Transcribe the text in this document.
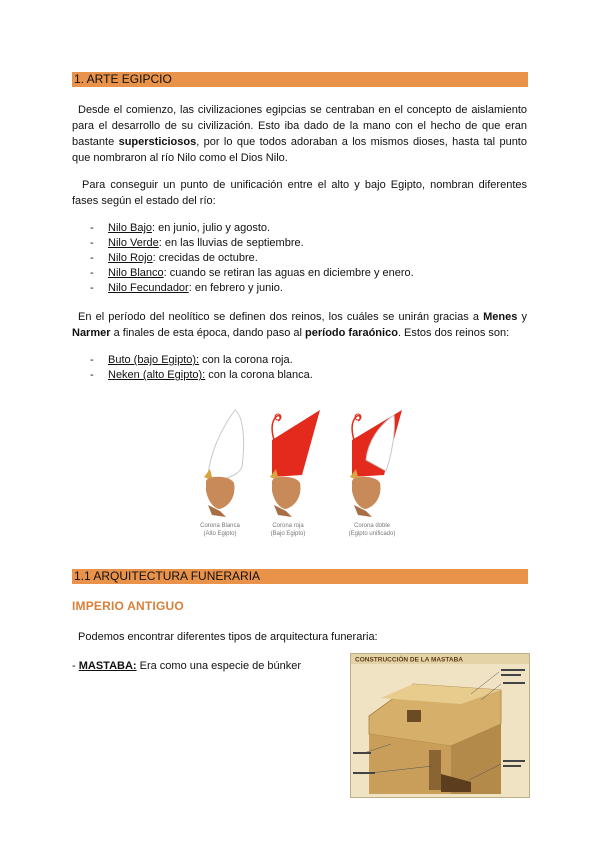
1. ARTE EGIPCIO

Desde el comienzo, las civilizaciones egipcias se centraban en el concepto de aislamiento para el desarrollo de su civilización. Esto iba dado de la mano con el hecho de que eran bastante supersticiosos, por lo que todos adoraban a los mismos dioses, hasta tal punto que nombraron al río Nilo como el Dios Nilo.

Para conseguir un punto de unificación entre el alto y bajo Egipto, nombran diferentes fases según el estado del río:

- Nilo Bajo: en junio, julio y agosto.
- Nilo Verde: en las lluvias de septiembre.
- Nilo Rojo: crecidas de octubre.
- Nilo Blanco: cuando se retiran las aguas en diciembre y enero.
- Nilo Fecundador: en febrero y junio.

En el período del neolítico se definen dos reinos, los cuáles se unirán gracias a Menes y Narmer a finales de esta época, dando paso al período faraónico. Estos dos reinos son:

- Buto (bajo Egipto): con la corona roja.
- Neken (alto Egipto): con la corona blanca.
Corona Blanca
(Alto Egipto)
Corona roja
(Bajo Egipto)
Corona doble
(Egipto unificado)
1.1 ARQUITECTURA FUNERARIA
IMPERIO ANTIGUO

Podemos encontrar diferentes tipos de arquitectura funeraria:

- MASTABA: Era como una especie de búnker	CONSTRUCCIÓN DE LA MASTABA
